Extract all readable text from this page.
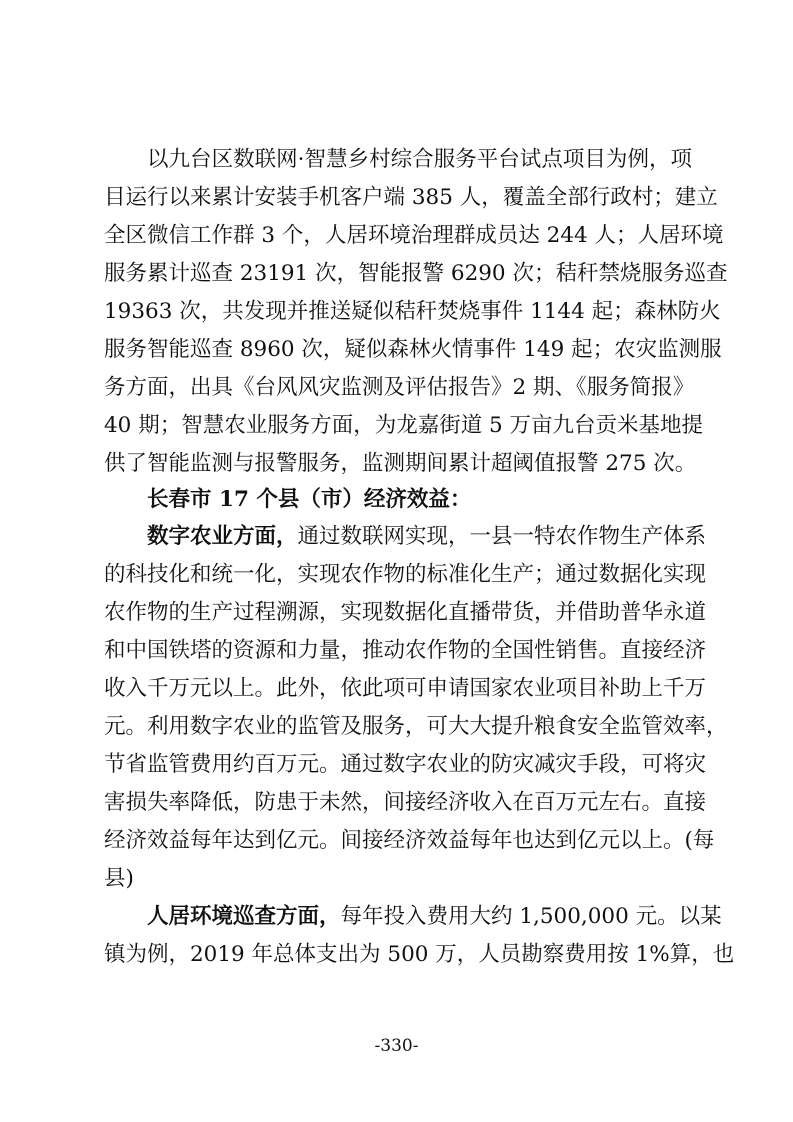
以九台区数联网·智慧乡村综合服务平台试点项目为例，项
目运行以来累计安装手机客户端 385 人，覆盖全部行政村；建立
全区微信工作群 3 个，人居环境治理群成员达 244 人；人居环境
服务累计巡查 23191 次，智能报警 6290 次；秸秆禁烧服务巡查
19363 次，共发现并推送疑似秸秆焚烧事件 1144 起；森林防火
服务智能巡查 8960 次，疑似森林火情事件 149 起；农灾监测服
务方面，出具《台风风灾监测及评估报告》2 期、《服务简报》
40 期；智慧农业服务方面，为龙嘉街道 5 万亩九台贡米基地提
供了智能监测与报警服务，监测期间累计超阈值报警 275 次。
长春市 17 个县（市）经济效益：
数字农业方面，通过数联网实现，一县一特农作物生产体系
的科技化和统一化，实现农作物的标准化生产；通过数据化实现
农作物的生产过程溯源，实现数据化直播带货，并借助普华永道
和中国铁塔的资源和力量，推动农作物的全国性销售。直接经济
收入千万元以上。此外，依此项可申请国家农业项目补助上千万
元。利用数字农业的监管及服务，可大大提升粮食安全监管效率，
节省监管费用约百万元。通过数字农业的防灾减灾手段，可将灾
害损失率降低，防患于未然，间接经济收入在百万元左右。直接
经济效益每年达到亿元。间接经济效益每年也达到亿元以上。(每
县)
人居环境巡查方面，每年投入费用大约 1,500,000 元。以某
镇为例，2019 年总体支出为 500 万，人员勘察费用按 1%算，也
-330-
